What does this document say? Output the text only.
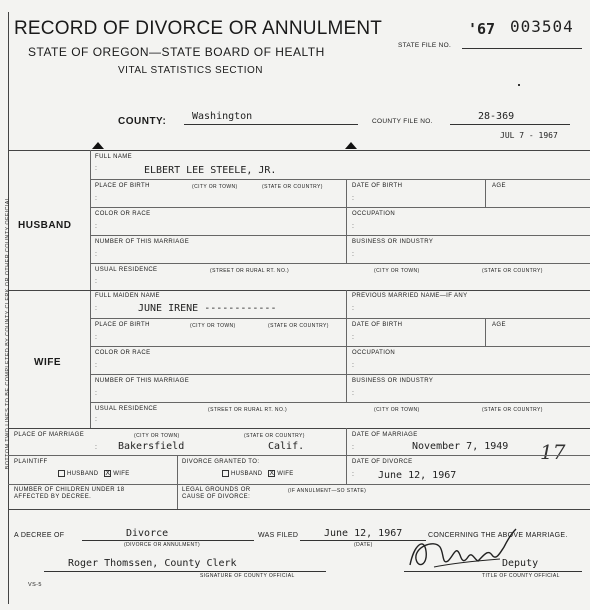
BOTTOM TWO LINES TO BE COMPLETED BY COUNTY CLERK OR OTHER COUNTY OFFICIAL
RECORD OF DIVORCE OR ANNULMENT
STATE OF OREGON—STATE BOARD OF HEALTH
VITAL STATISTICS SECTION
STATE FILE NO.
'67 003504
COUNTY:	Washington	COUNTY FILE NO.	28-369
JUL 7 - 1967
HUSBAND
FULL NAME
:	ELBERT LEE STEELE, JR.
PLACE OF BIRTH	(CITY OR TOWN)	(STATE OR COUNTRY)
:
DATE OF BIRTH
:
AGE
COLOR OR RACE
:
OCCUPATION
:
NUMBER OF THIS MARRIAGE
:
BUSINESS OR INDUSTRY
:
USUAL RESIDENCE	(STREET OR RURAL RT. NO.)	(CITY OR TOWN)	(STATE OR COUNTRY)
:
WIFE
FULL MAIDEN NAME
:	JUNE IRENE ------------
PREVIOUS MARRIED NAME—IF ANY
:
PLACE OF BIRTH	(CITY OR TOWN)	(STATE OR COUNTRY)
:
DATE OF BIRTH
:
AGE
COLOR OR RACE
:
OCCUPATION
:
NUMBER OF THIS MARRIAGE
:
BUSINESS OR INDUSTRY
:
USUAL RESIDENCE	(STREET OR RURAL RT. NO.)	(CITY OR TOWN)	(STATE OR COUNTRY)
:
PLACE OF MARRIAGE	(CITY OR TOWN)	(STATE OR COUNTRY)
: Bakersfield	Calif.
DATE OF MARRIAGE
:	November 7, 1949 17
PLAINTIFF
HUSBAND X WIFE
DIVORCE GRANTED TO:
HUSBAND X WIFE
DATE OF DIVORCE
: June 12, 1967
NUMBER OF CHILDREN UNDER 18
AFFECTED BY DECREE.
LEGAL GROUNDS OR
CAUSE OF DIVORCE:
(IF ANNULMENT—SO STATE)
A DECREE OF	Divorce
(DIVORCE OR ANNULMENT)
WAS FILED	June 12, 1967
(DATE)
CONCERNING THE ABOVE MARRIAGE.
Roger Thomssen, County Clerk
SIGNATURE OF COUNTY OFFICIAL
Deputy
TITLE OF COUNTY OFFICIAL
VS-5
